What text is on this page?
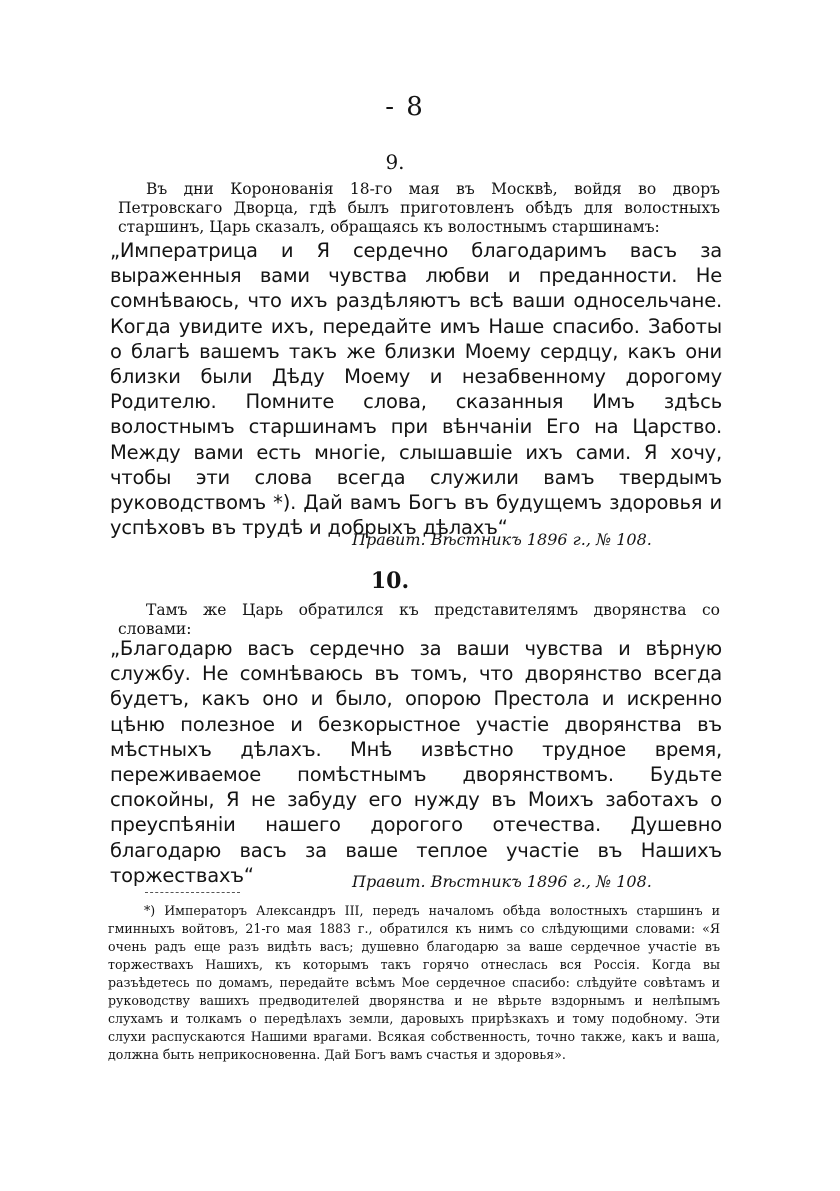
- 8
9.
Въ дни Коронованія 18-го мая въ Москвѣ, войдя во дворъ Петровскаго Дворца, гдѣ былъ приготовленъ обѣдъ для волостныхъ старшинъ, Царь сказалъ, обращаясь къ волостнымъ старшинамъ:
„Императрица и Я сердечно благодаримъ васъ за выраженныя вами чувства любви и преданности. Не сомнѣваюсь, что ихъ раздѣляютъ всѣ ваши односельчане. Когда увидите ихъ, передайте имъ Наше спасибо. Заботы о благѣ вашемъ такъ же близки Моему сердцу, какъ они близки были Дѣду Моему и незабвенному дорогому Родителю. Помните слова, сказанныя Имъ здѣсь волостнымъ старшинамъ при вѣнчаніи Его на Царство. Между вами есть многіе, слышавшіе ихъ сами. Я хочу, чтобы эти слова всегда служили вамъ твердымъ руководствомъ *). Дай вамъ Богъ въ будущемъ здоровья и успѣховъ въ трудѣ и добрыхъ дѣлахъ“
Правит. Вѣстникъ 1896 г., № 108.
10.
Тамъ же Царь обратился къ представителямъ дворянства со словами:
„Благодарю васъ сердечно за ваши чувства и вѣрную службу. Не сомнѣваюсь въ томъ, что дворянство всегда будетъ, какъ оно и было, опорою Престола и искренно цѣню полезное и безкорыстное участіе дворянства въ мѣстныхъ дѣлахъ. Мнѣ извѣстно трудное время, переживаемое помѣстнымъ дворянствомъ. Будьте спокойны, Я не забуду его нужду въ Моихъ заботахъ о преуспѣяніи нашего дорогого отечества. Душевно благодарю васъ за ваше теплое участіе въ Нашихъ торжествахъ“	Правит. Вѣстникъ 1896 г., № 108.
*) Императоръ Александръ III, передъ началомъ обѣда волостныхъ старшинъ и гминныхъ войтовъ, 21-го мая 1883 г., обратился къ нимъ со слѣдующими словами: «Я очень радъ еще разъ видѣть васъ; душевно благодарю за ваше сердечное участіе въ торжествахъ Нашихъ, къ которымъ такъ горячо отнеслась вся Россія. Когда вы разъѣдетесь по домамъ, передайте всѣмъ Мое сердечное спасибо: слѣдуйте совѣтамъ и руководству вашихъ предводителей дворянства и не вѣрьте вздорнымъ и нелѣпымъ слухамъ и толкамъ о передѣлахъ земли, даровыхъ прирѣзкахъ и тому подобному. Эти слухи распускаются Нашими врагами. Всякая собственность, точно также, какъ и ваша, должна быть неприкосновенна. Дай Богъ вамъ счастья и здоровья».
